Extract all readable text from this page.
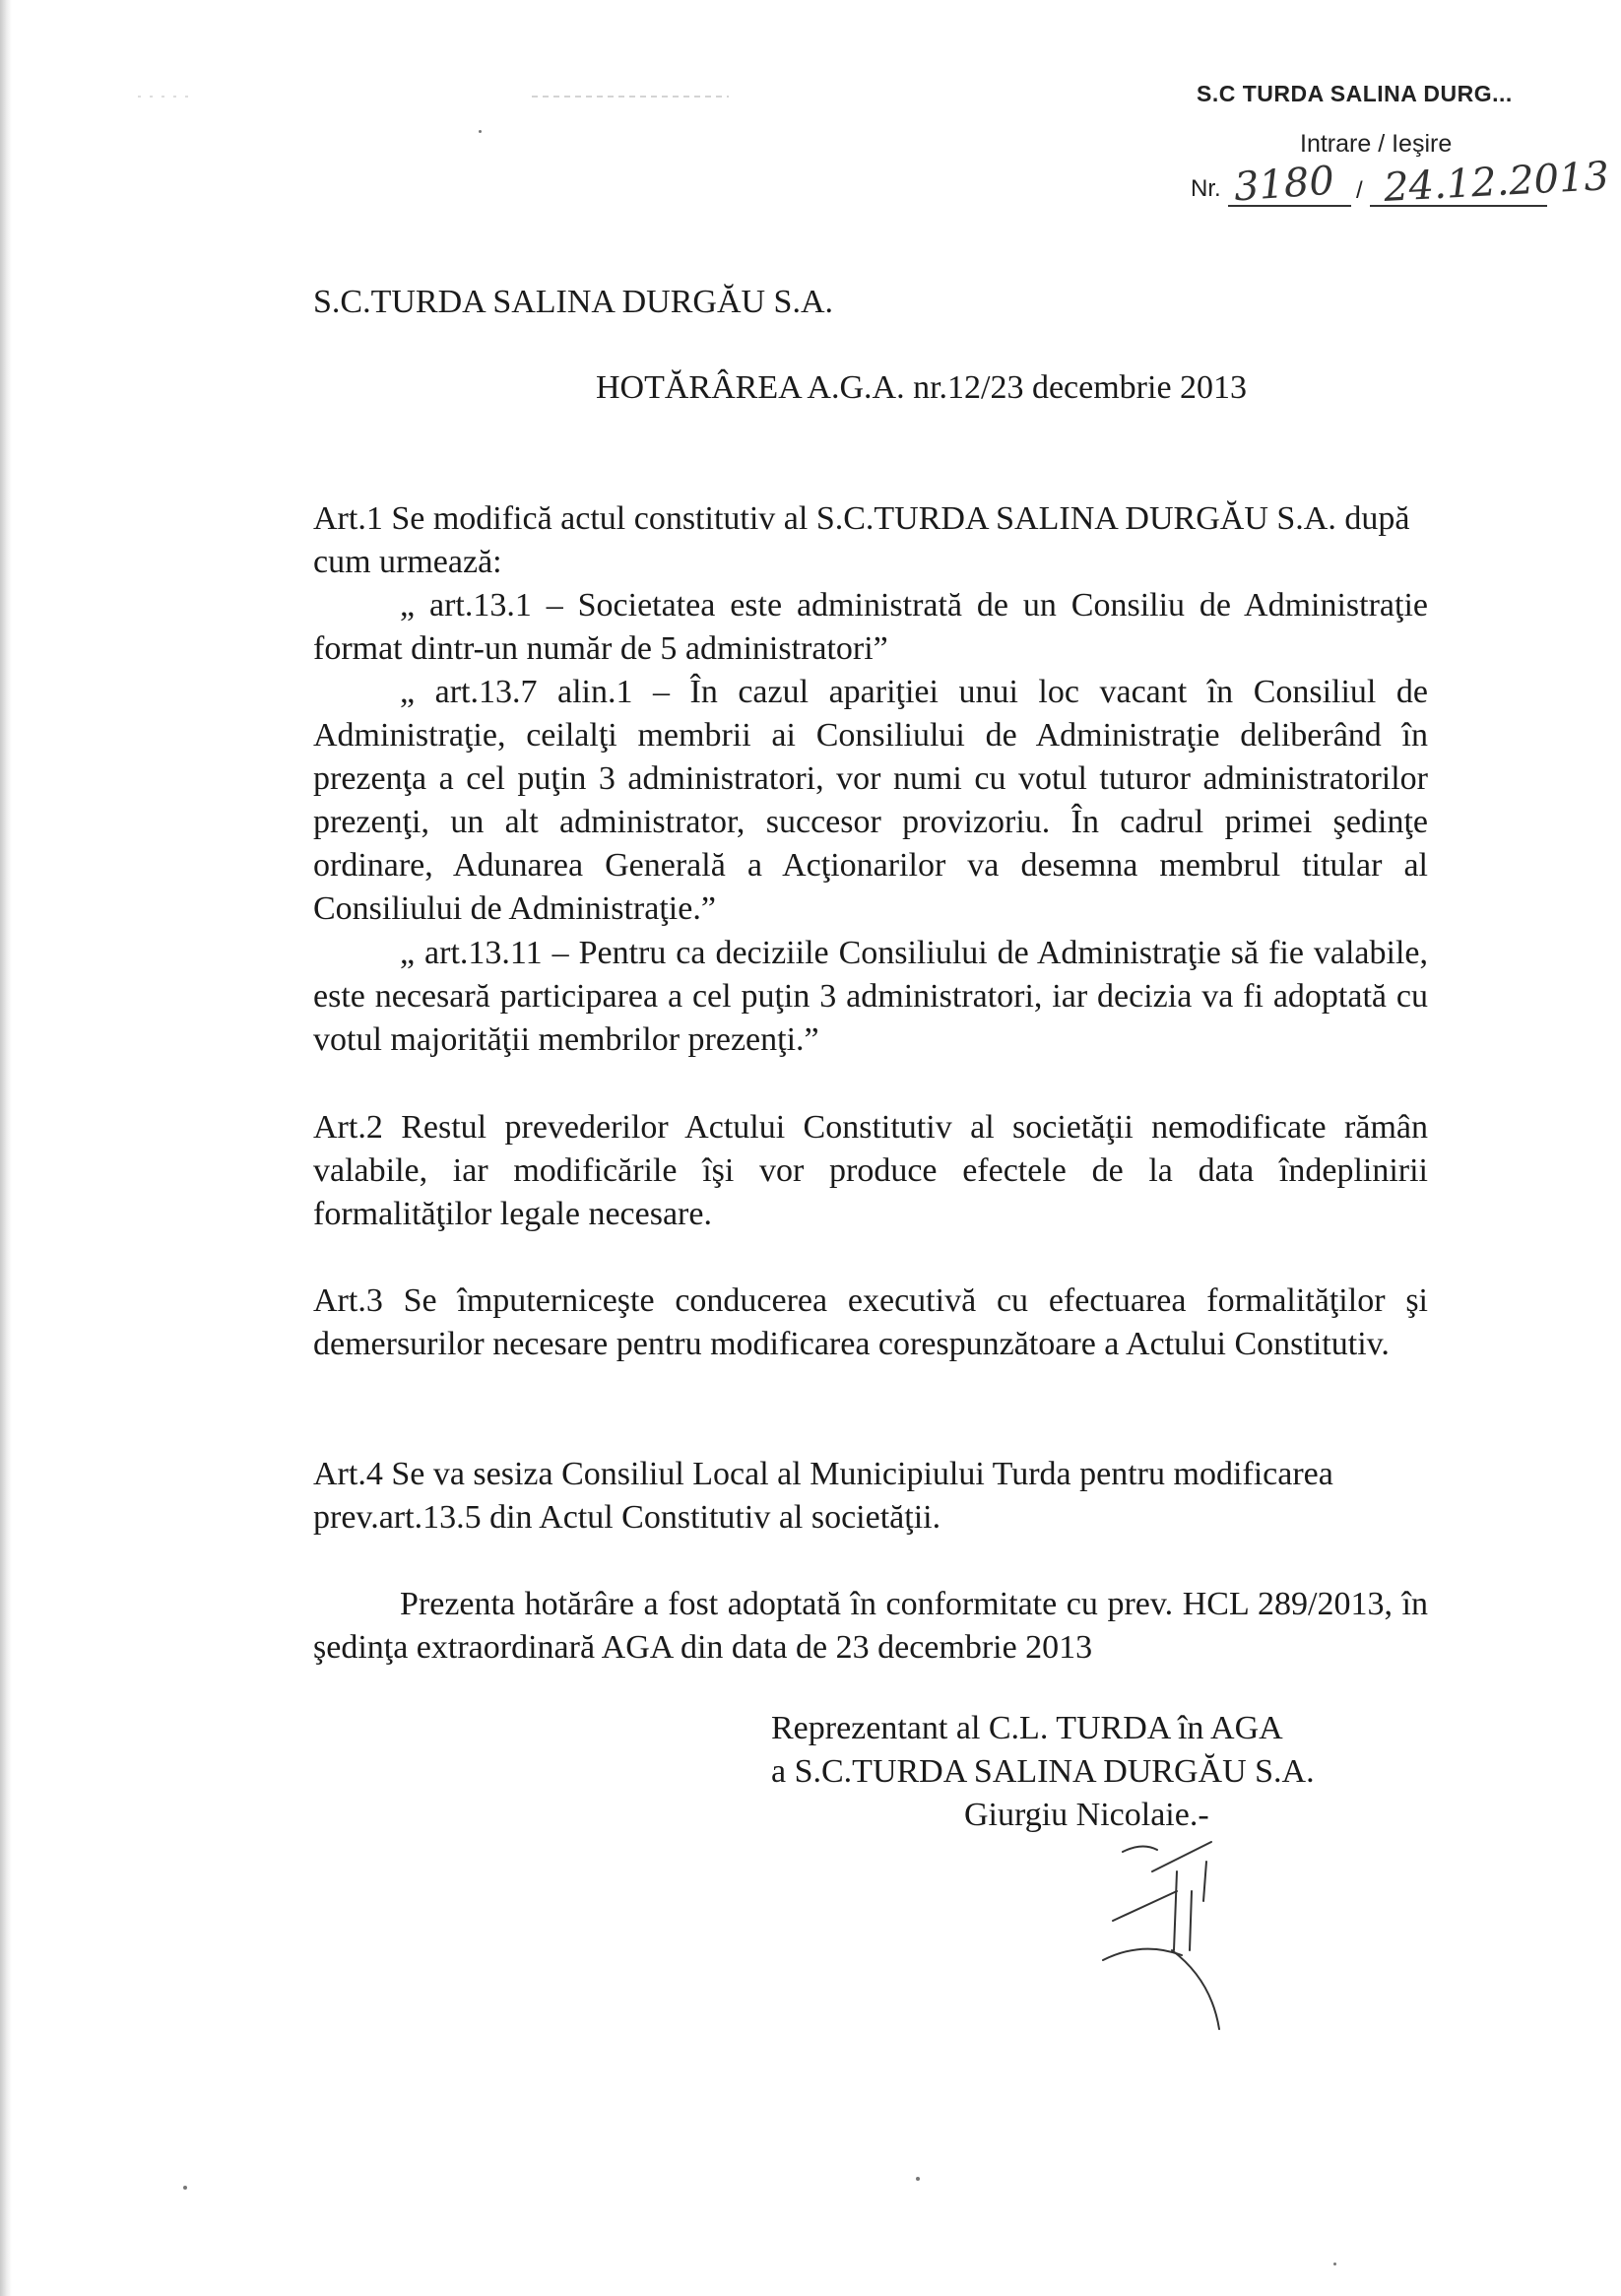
S.C TURDA SALINA DURG...
Intrare / Ieşire
Nr. 3180 / 24.12.2013
S.C.TURDA SALINA DURGĂU S.A.
HOTĂRÂREA A.G.A. nr.12/23 decembrie 2013
Art.1 Se modifică actul constitutiv al S.C.TURDA SALINA DURGĂU S.A. după cum urmează:
„ art.13.1 – Societatea este administrată de un Consiliu de Administraţie format dintr-un număr de 5 administratori”
„ art.13.7 alin.1 – În cazul apariţiei unui loc vacant în Consiliul de Administraţie, ceilalţi membrii ai Consiliului de Administraţie deliberând în prezenţa a cel puţin 3 administratori, vor numi cu votul tuturor administratorilor prezenţi, un alt administrator, succesor provizoriu. În cadrul primei şedinţe ordinare, Adunarea Generală a Acţionarilor va desemna membrul titular al Consiliului de Administraţie.”
„ art.13.11 – Pentru ca deciziile Consiliului de Administraţie să fie valabile, este necesară participarea a cel puţin 3 administratori, iar decizia va fi adoptată cu votul majorităţii membrilor prezenţi.”
Art.2 Restul prevederilor Actului Constitutiv al societăţii nemodificate rămân valabile, iar modificările îşi vor produce efectele de la data îndeplinirii formalităţilor legale necesare.
Art.3 Se împuterniceşte conducerea executivă cu efectuarea formalităţilor şi demersurilor necesare pentru modificarea corespunzătoare a Actului Constitutiv.
Art.4 Se va sesiza Consiliul Local al Municipiului Turda pentru modificarea prev.art.13.5 din Actul Constitutiv al societăţii.
Prezenta hotărâre a fost adoptată în conformitate cu prev. HCL 289/2013, în şedinţa extraordinară AGA din data de 23 decembrie 2013
Reprezentant al C.L. TURDA în AGA
a S.C.TURDA SALINA DURGĂU S.A.
Giurgiu Nicolaie.-
